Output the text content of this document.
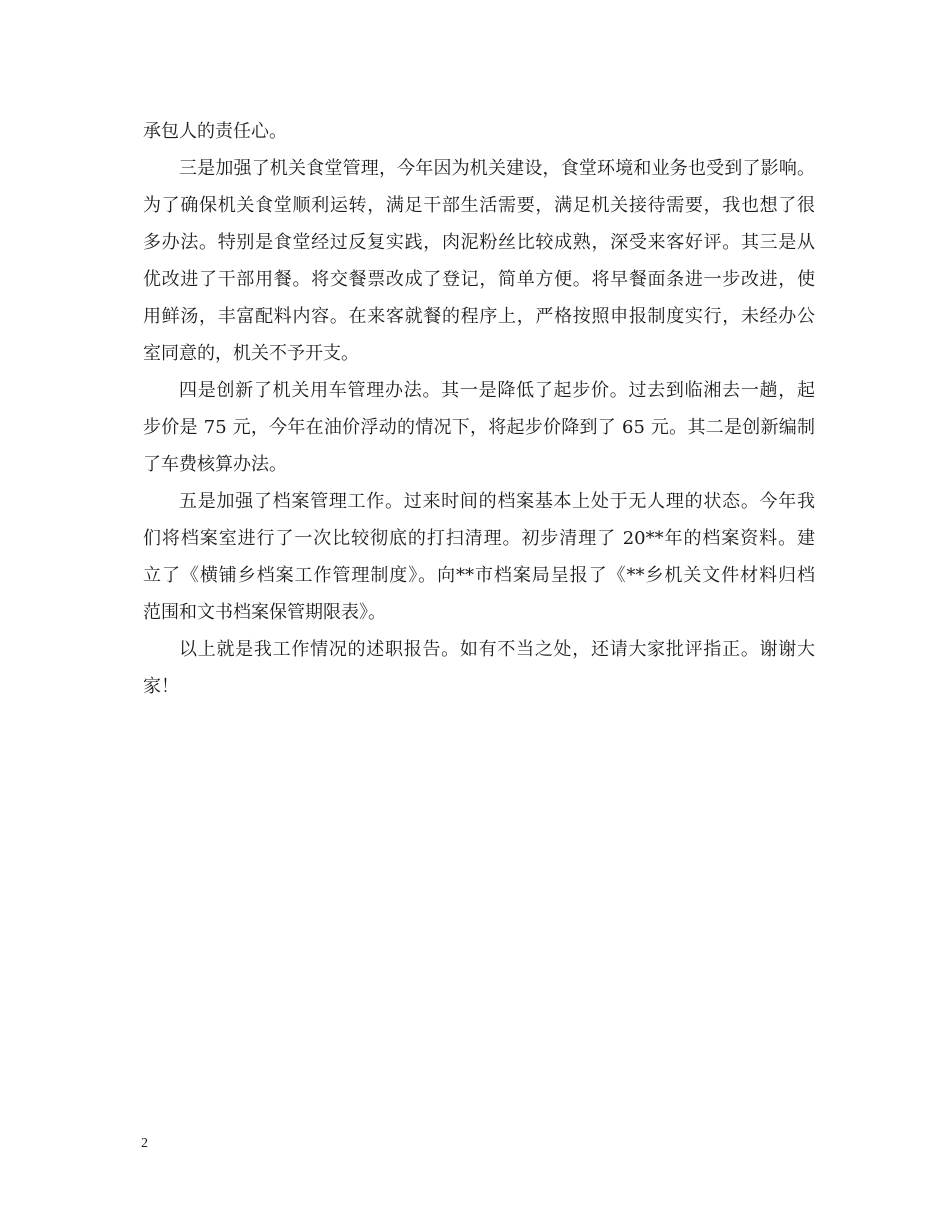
承包人的责任心。
三是加强了机关食堂管理，今年因为机关建设，食堂环境和业务也受到了影响。
为了确保机关食堂顺利运转，满足干部生活需要，满足机关接待需要，我也想了很
多办法。特别是食堂经过反复实践，肉泥粉丝比较成熟，深受来客好评。其三是从
优改进了干部用餐。将交餐票改成了登记，简单方便。将早餐面条进一步改进，使
用鲜汤，丰富配料内容。在来客就餐的程序上，严格按照申报制度实行，未经办公
室同意的，机关不予开支。
四是创新了机关用车管理办法。其一是降低了起步价。过去到临湘去一趟，起
步价是 75 元，今年在油价浮动的情况下，将起步价降到了 65 元。其二是创新编制
了车费核算办法。
五是加强了档案管理工作。过来时间的档案基本上处于无人理的状态。今年我
们将档案室进行了一次比较彻底的打扫清理。初步清理了 20**年的档案资料。建
立了《横铺乡档案工作管理制度》。向**市档案局呈报了《**乡机关文件材料归档
范围和文书档案保管期限表》。
以上就是我工作情况的述职报告。如有不当之处，还请大家批评指正。谢谢大
家！
2
